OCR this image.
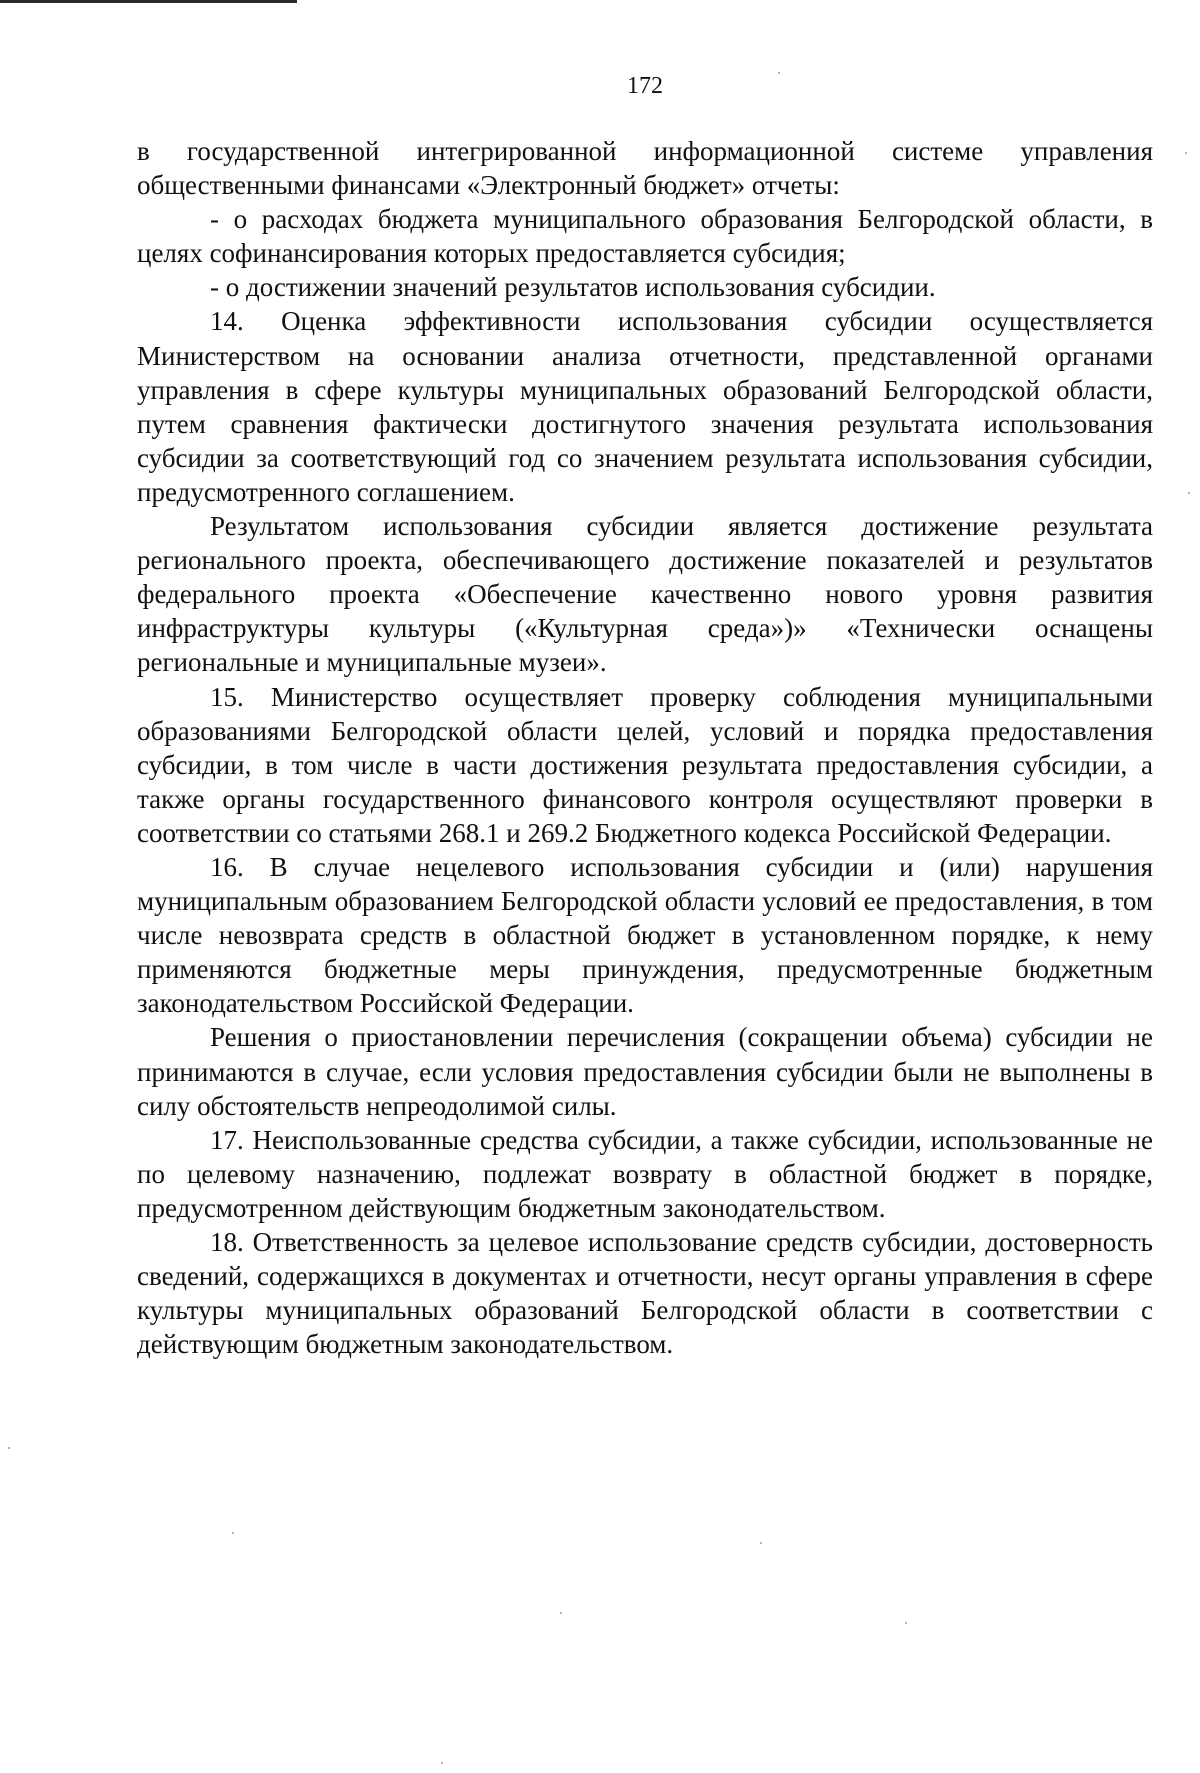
172

в государственной интегрированной информационной системе управления общественными финансами «Электронный бюджет» отчеты:

- о расходах бюджета муниципального образования Белгородской области, в целях софинансирования которых предоставляется субсидия;

- о достижении значений результатов использования субсидии.

14. Оценка эффективности использования субсидии осуществляется Министерством на основании анализа отчетности, представленной органами управления в сфере культуры муниципальных образований Белгородской области, путем сравнения фактически достигнутого значения результата использования субсидии за соответствующий год со значением результата использования субсидии, предусмотренного соглашением.

Результатом использования субсидии является достижение результата регионального проекта, обеспечивающего достижение показателей и результатов федерального проекта «Обеспечение качественно нового уровня развития инфраструктуры культуры («Культурная среда»)» «Технически оснащены региональные и муниципальные музеи».

15. Министерство осуществляет проверку соблюдения муниципальными образованиями Белгородской области целей, условий и порядка предоставления субсидии, в том числе в части достижения результата предоставления субсидии, а также органы государственного финансового контроля осуществляют проверки в соответствии со статьями 268.1 и 269.2 Бюджетного кодекса Российской Федерации.

16. В случае нецелевого использования субсидии и (или) нарушения муниципальным образованием Белгородской области условий ее предоставления, в том числе невозврата средств в областной бюджет в установленном порядке, к нему применяются бюджетные меры принуждения, предусмотренные бюджетным законодательством Российской Федерации.

Решения о приостановлении перечисления (сокращении объема) субсидии не принимаются в случае, если условия предоставления субсидии были не выполнены в силу обстоятельств непреодолимой силы.

17. Неиспользованные средства субсидии, а также субсидии, использованные не по целевому назначению, подлежат возврату в областной бюджет в порядке, предусмотренном действующим бюджетным законодательством.

18. Ответственность за целевое использование средств субсидии, достоверность сведений, содержащихся в документах и отчетности, несут органы управления в сфере культуры муниципальных образований Белгородской области в соответствии с действующим бюджетным законодательством.
